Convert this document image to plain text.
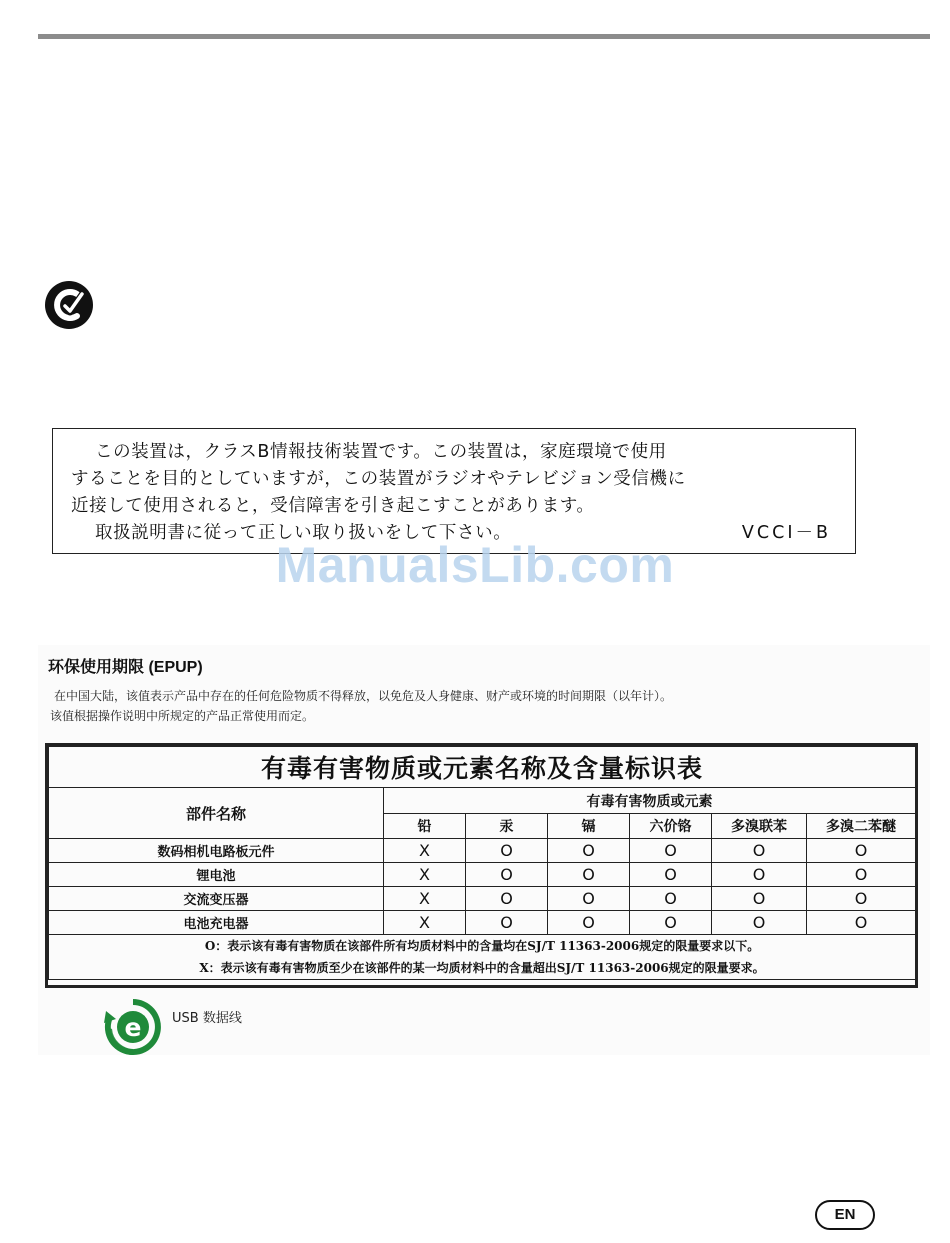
この装置は，クラスB情報技術装置です。この装置は，家庭環境で使用
することを目的としていますが，この装置がラジオやテレビジョン受信機に
近接して使用されると，受信障害を引き起こすことがあります。
取扱説明書に従って正しい取り扱いをして下さい。	VCCI－B
ManualsLib.com
环保使用期限 (EPUP)
在中国大陆，该值表示产品中存在的任何危险物质不得释放，以免危及人身健康、财产或环境的时间期限（以年计）。
该值根据操作说明中所规定的产品正常使用而定。
有毒有害物质或元素名称及含量标识表						
部件名称	有毒有害物质或元素					
	铅	汞	镉	六价铬	多溴联苯	多溴二苯醚
数码相机电路板元件	X	O	O	O	O	O
锂电池	X	O	O	O	O	O
交流变压器	X	O	O	O	O	O
电池充电器	X	O	O	O	O	O

O：表示该有毒有害物质在该部件所有均质材料中的含量均在SJ/T 11363-2006规定的限量要求以下。
X：表示该有毒有害物质至少在该部件的某一均质材料中的含量超出SJ/T 11363-2006规定的限量要求。						
e USB 数据线
EN
